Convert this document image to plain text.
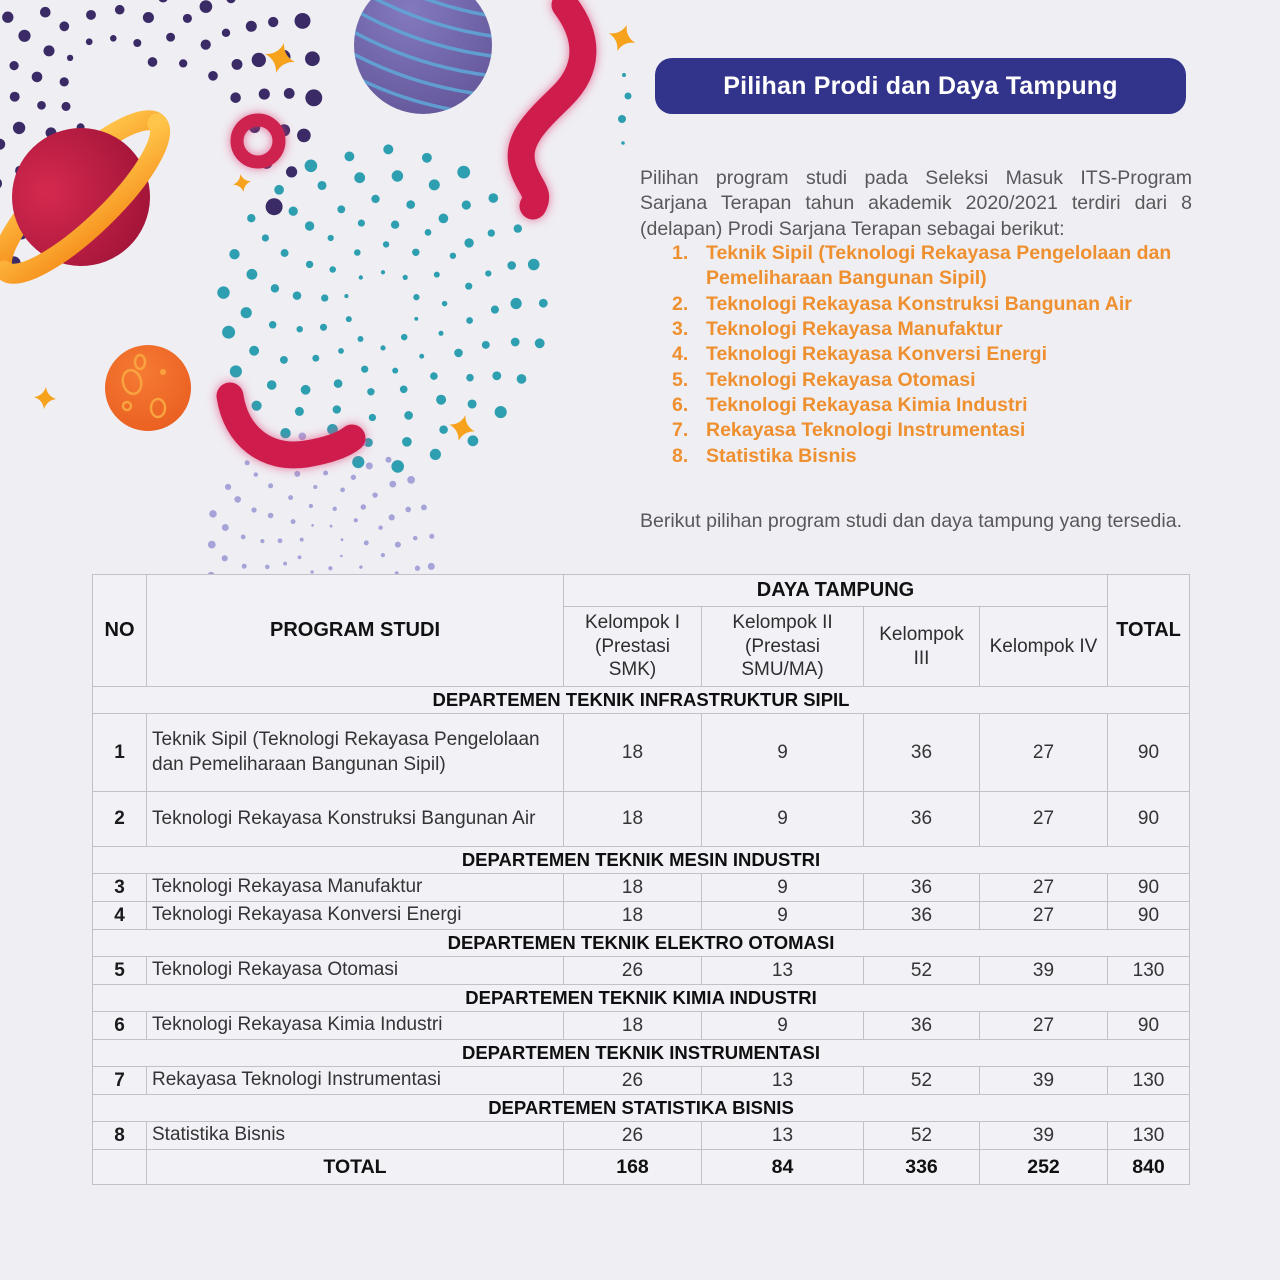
Pilihan Prodi dan Daya Tampung

Pilihan program studi pada Seleksi Masuk ITS-Program Sarjana Terapan tahun akademik 2020/2021 terdiri dari 8 (delapan) Prodi Sarjana Terapan sebagai berikut:

1. Teknik Sipil (Teknologi Rekayasa Pengelolaan dan Pemeliharaan Bangunan Sipil)
2. Teknologi Rekayasa Konstruksi Bangunan Air
3. Teknologi Rekayasa Manufaktur
4. Teknologi Rekayasa Konversi Energi
5. Teknologi Rekayasa Otomasi
6. Teknologi Rekayasa Kimia Industri
7. Rekayasa Teknologi Instrumentasi
8. Statistika Bisnis

Berikut pilihan program studi dan daya tampung yang tersedia.

NO	PROGRAM STUDI	DAYA TAMPUNG				TOTAL
		Kelompok I (Prestasi SMK)	Kelompok II (Prestasi SMU/MA)	Kelompok III	Kelompok IV	
DEPARTEMEN TEKNIK INFRASTRUKTUR SIPIL						
1	Teknik Sipil (Teknologi Rekayasa Pengelolaan dan Pemeliharaan Bangunan Sipil)	18	9	36	27	90
2	Teknologi Rekayasa Konstruksi Bangunan Air	18	9	36	27	90
DEPARTEMEN TEKNIK MESIN INDUSTRI						
3	Teknologi Rekayasa Manufaktur	18	9	36	27	90
4	Teknologi Rekayasa Konversi Energi	18	9	36	27	90
DEPARTEMEN TEKNIK ELEKTRO OTOMASI						
5	Teknologi Rekayasa Otomasi	26	13	52	39	130
DEPARTEMEN TEKNIK KIMIA INDUSTRI						
6	Teknologi Rekayasa Kimia Industri	18	9	36	27	90
DEPARTEMEN TEKNIK INSTRUMENTASI						
7	Rekayasa Teknologi Instrumentasi	26	13	52	39	130
DEPARTEMEN STATISTIKA BISNIS						
8	Statistika Bisnis	26	13	52	39	130
	TOTAL	168	84	336	252	840
